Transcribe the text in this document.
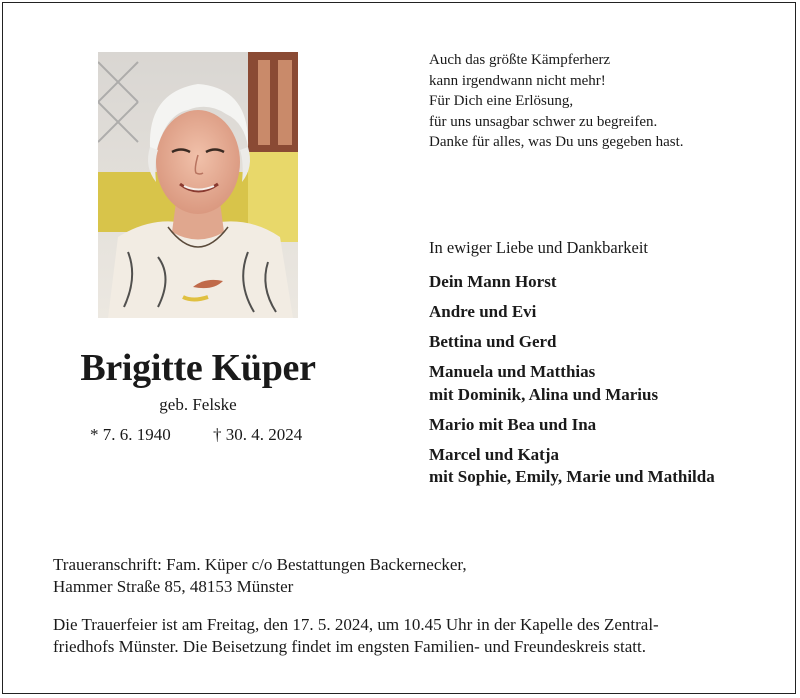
Brigitte Küper
geb. Felske
* 7. 6. 1940 † 30. 4. 2024
Auch das größte Kämpferherz
kann irgendwann nicht mehr!
Für Dich eine Erlösung,
für uns unsagbar schwer zu begreifen.
Danke für alles, was Du uns gegeben hast.
In ewiger Liebe und Dankbarkeit
Dein Mann Horst
Andre und Evi
Bettina und Gerd
Manuela und Matthias
mit Dominik, Alina und Marius
Mario mit Bea und Ina
Marcel und Katja
mit Sophie, Emily, Marie und Mathilda
Traueranschrift: Fam. Küper c/o Bestattungen Backernecker,
Hammer Straße 85, 48153 Münster
Die Trauerfeier ist am Freitag, den 17. 5. 2024, um 10.45 Uhr in der Kapelle des Zentral-
friedhofs Münster. Die Beisetzung findet im engsten Familien- und Freundeskreis statt.
